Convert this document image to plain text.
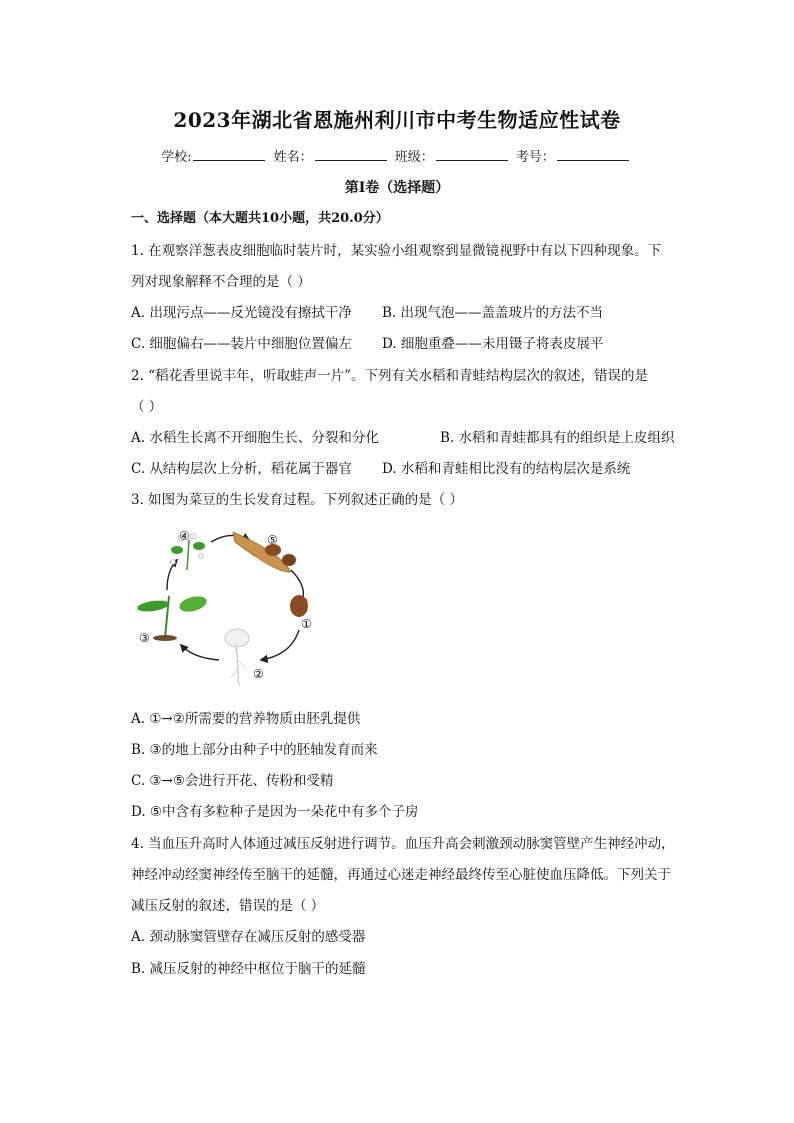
2023年湖北省恩施州利川市中考生物适应性试卷
学校:	姓名：	班级：	考号：
第Ⅰ卷（选择题）
一、选择题（本大题共10小题，共20.0分）
1. 在观察洋葱表皮细胞临时装片时，某实验小组观察到显微镜视野中有以下四种现象。下
列对现象解释不合理的是（ ）
A. 出现污点——反光镜没有擦拭干净 B. 出现气泡——盖盖玻片的方法不当
C. 细胞偏右——装片中细胞位置偏左 D. 细胞重叠——未用镊子将表皮展平
2. “稻花香里说丰年，听取蛙声一片”。下列有关水稻和青蛙结构层次的叙述，错误的是
（ ）
A. 水稻生长离不开细胞生长、分裂和分化	B. 水稻和青蛙都具有的组织是上皮组织
C. 从结构层次上分析，稻花属于器官 D. 水稻和青蛙相比没有的结构层次是系统
3. 如图为菜豆的生长发育过程。下列叙述正确的是（ ）
④	⑤
①
②
③
A. ①→②所需要的营养物质由胚乳提供
B. ③的地上部分由种子中的胚轴发育而来
C. ③→⑤会进行开花、传粉和受精
D. ⑤中含有多粒种子是因为一朵花中有多个子房
4. 当血压升高时人体通过减压反射进行调节。血压升高会刺激颈动脉窦管壁产生神经冲动，
神经冲动经窦神经传至脑干的延髓，再通过心迷走神经最终传至心脏使血压降低。下列关于
减压反射的叙述，错误的是（ ）
A. 颈动脉窦管壁存在减压反射的感受器
B. 减压反射的神经中枢位于脑干的延髓
